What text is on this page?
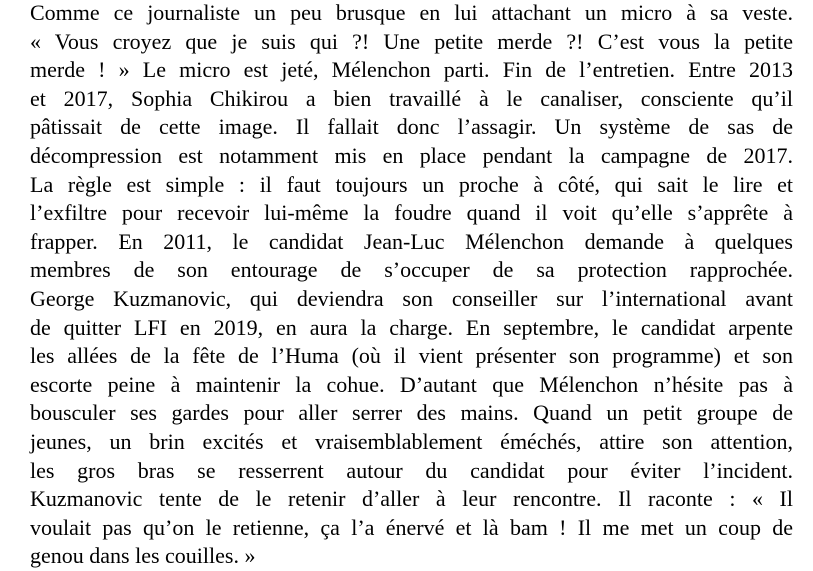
Comme ce journaliste un peu brusque en lui attachant un micro à sa veste.
« Vous croyez que je suis qui ?! Une petite merde ?! C’est vous la petite
merde ! » Le micro est jeté, Mélenchon parti. Fin de l’entretien. Entre 2013
et 2017, Sophia Chikirou a bien travaillé à le canaliser, consciente qu’il
pâtissait de cette image. Il fallait donc l’assagir. Un système de sas de
décompression est notamment mis en place pendant la campagne de 2017.
La règle est simple : il faut toujours un proche à côté, qui sait le lire et
l’exfiltre pour recevoir lui-même la foudre quand il voit qu’elle s’apprête à
frapper. En 2011, le candidat Jean-Luc Mélenchon demande à quelques
membres de son entourage de s’occuper de sa protection rapprochée.
George Kuzmanovic, qui deviendra son conseiller sur l’international avant
de quitter LFI en 2019, en aura la charge. En septembre, le candidat arpente
les allées de la fête de l’Huma (où il vient présenter son programme) et son
escorte peine à maintenir la cohue. D’autant que Mélenchon n’hésite pas à
bousculer ses gardes pour aller serrer des mains. Quand un petit groupe de
jeunes, un brin excités et vraisemblablement éméchés, attire son attention,
les gros bras se resserrent autour du candidat pour éviter l’incident.
Kuzmanovic tente de le retenir d’aller à leur rencontre. Il raconte : « Il
voulait pas qu’on le retienne, ça l’a énervé et là bam ! Il me met un coup de
genou dans les couilles. »
